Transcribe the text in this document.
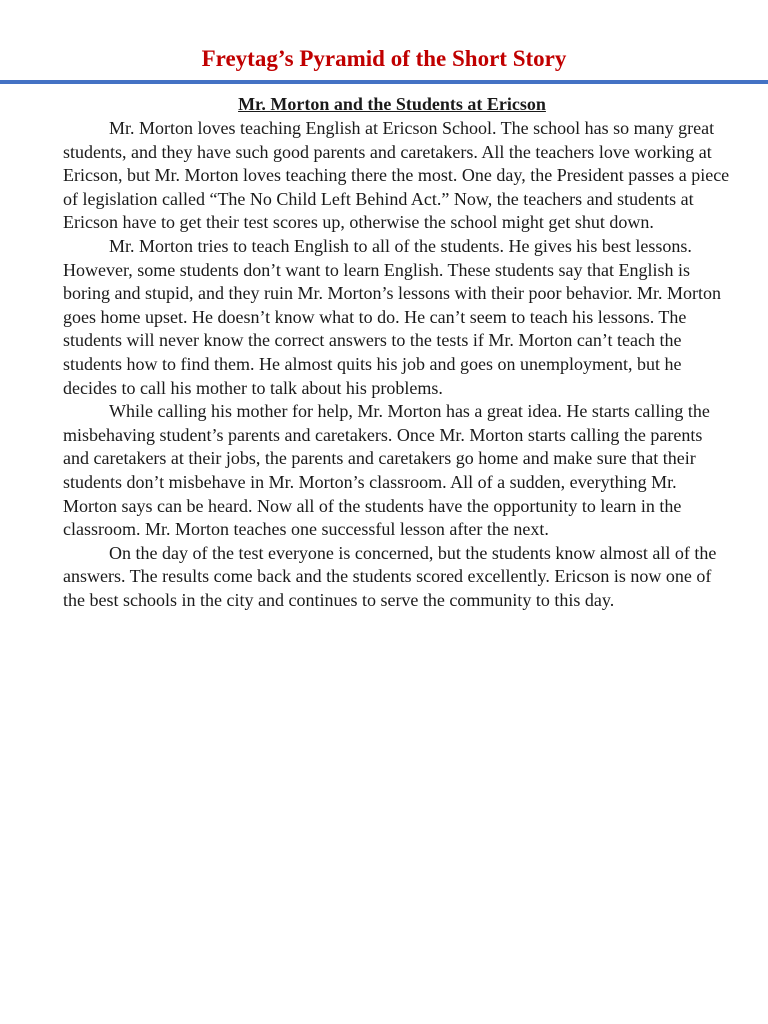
Freytag’s Pyramid of the Short Story
Mr. Morton and the Students at Ericson

Mr. Morton loves teaching English at Ericson School. The school has so many great students, and they have such good parents and caretakers. All the teachers love working at Ericson, but Mr. Morton loves teaching there the most. One day, the President passes a piece of legislation called “The No Child Left Behind Act.” Now, the teachers and students at Ericson have to get their test scores up, otherwise the school might get shut down.

Mr. Morton tries to teach English to all of the students. He gives his best lessons. However, some students don’t want to learn English. These students say that English is boring and stupid, and they ruin Mr. Morton’s lessons with their poor behavior. Mr. Morton goes home upset. He doesn’t know what to do. He can’t seem to teach his lessons. The students will never know the correct answers to the tests if Mr. Morton can’t teach the students how to find them. He almost quits his job and goes on unemployment, but he decides to call his mother to talk about his problems.

While calling his mother for help, Mr. Morton has a great idea. He starts calling the misbehaving student’s parents and caretakers. Once Mr. Morton starts calling the parents and caretakers at their jobs, the parents and caretakers go home and make sure that their students don’t misbehave in Mr. Morton’s classroom. All of a sudden, everything Mr. Morton says can be heard. Now all of the students have the opportunity to learn in the classroom. Mr. Morton teaches one successful lesson after the next.

On the day of the test everyone is concerned, but the students know almost all of the answers. The results come back and the students scored excellently. Ericson is now one of the best schools in the city and continues to serve the community to this day.
